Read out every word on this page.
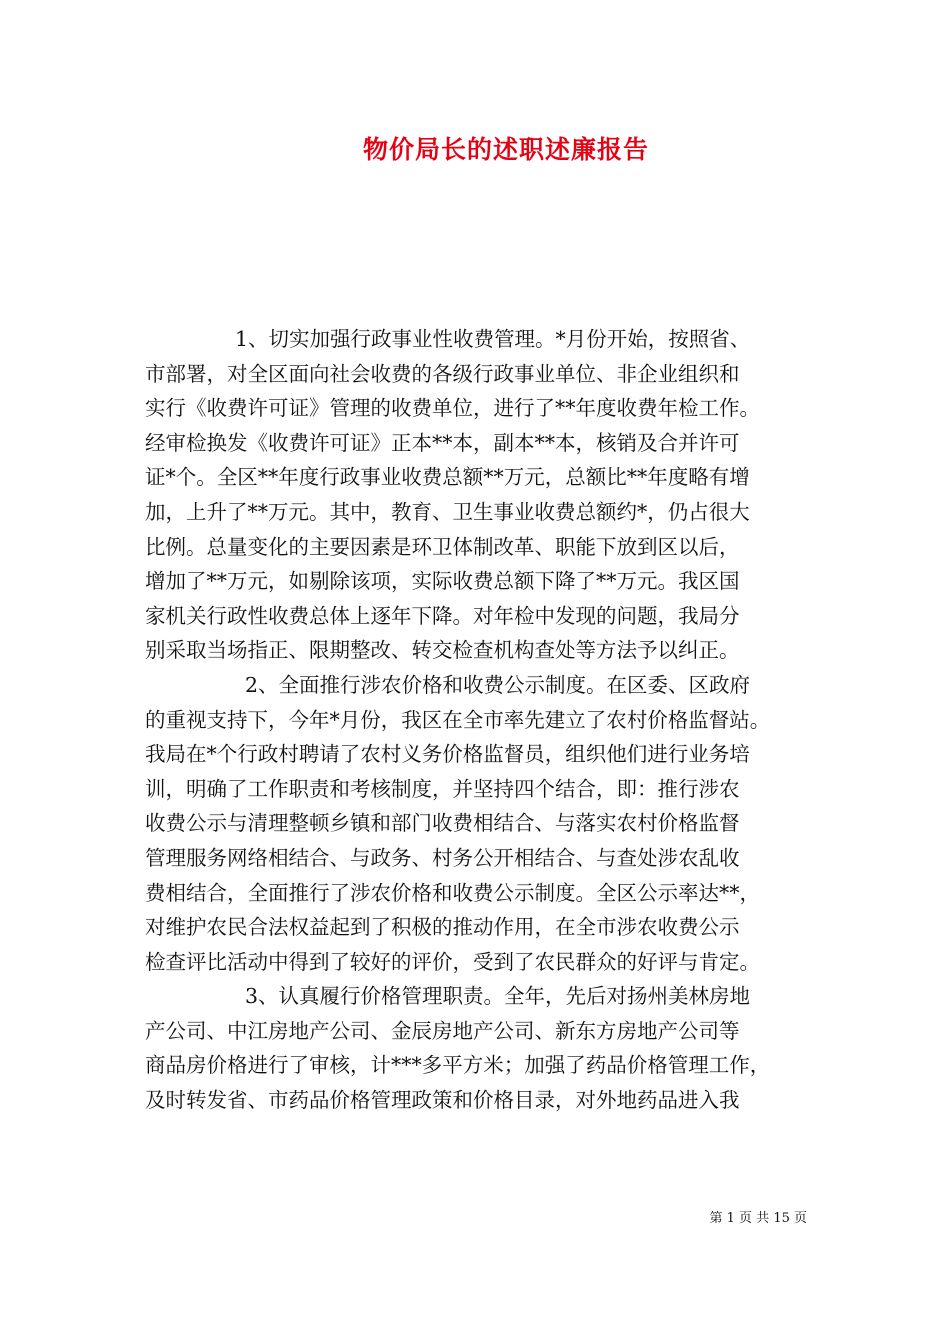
物价局长的述职述廉报告
1、切实加强行政事业性收费管理。*月份开始，按照省、
市部署，对全区面向社会收费的各级行政事业单位、非企业组织和
实行《收费许可证》管理的收费单位，进行了**年度收费年检工作。
经审检换发《收费许可证》正本**本，副本**本，核销及合并许可
证*个。全区**年度行政事业收费总额**万元，总额比**年度略有增
加，上升了**万元。其中，教育、卫生事业收费总额约*，仍占很大
比例。总量变化的主要因素是环卫体制改革、职能下放到区以后，
增加了**万元，如剔除该项，实际收费总额下降了**万元。我区国
家机关行政性收费总体上逐年下降。对年检中发现的问题，我局分
别采取当场指正、限期整改、转交检查机构查处等方法予以纠正。
2、全面推行涉农价格和收费公示制度。在区委、区政府
的重视支持下，今年*月份，我区在全市率先建立了农村价格监督站。
我局在*个行政村聘请了农村义务价格监督员，组织他们进行业务培
训，明确了工作职责和考核制度，并坚持四个结合，即：推行涉农
收费公示与清理整顿乡镇和部门收费相结合、与落实农村价格监督
管理服务网络相结合、与政务、村务公开相结合、与查处涉农乱收
费相结合，全面推行了涉农价格和收费公示制度。全区公示率达**，
对维护农民合法权益起到了积极的推动作用，在全市涉农收费公示
检查评比活动中得到了较好的评价，受到了农民群众的好评与肯定。
3、认真履行价格管理职责。全年，先后对扬州美林房地
产公司、中江房地产公司、金辰房地产公司、新东方房地产公司等
商品房价格进行了审核，计***多平方米；加强了药品价格管理工作，
及时转发省、市药品价格管理政策和价格目录，对外地药品进入我
第 1 页 共 15 页
